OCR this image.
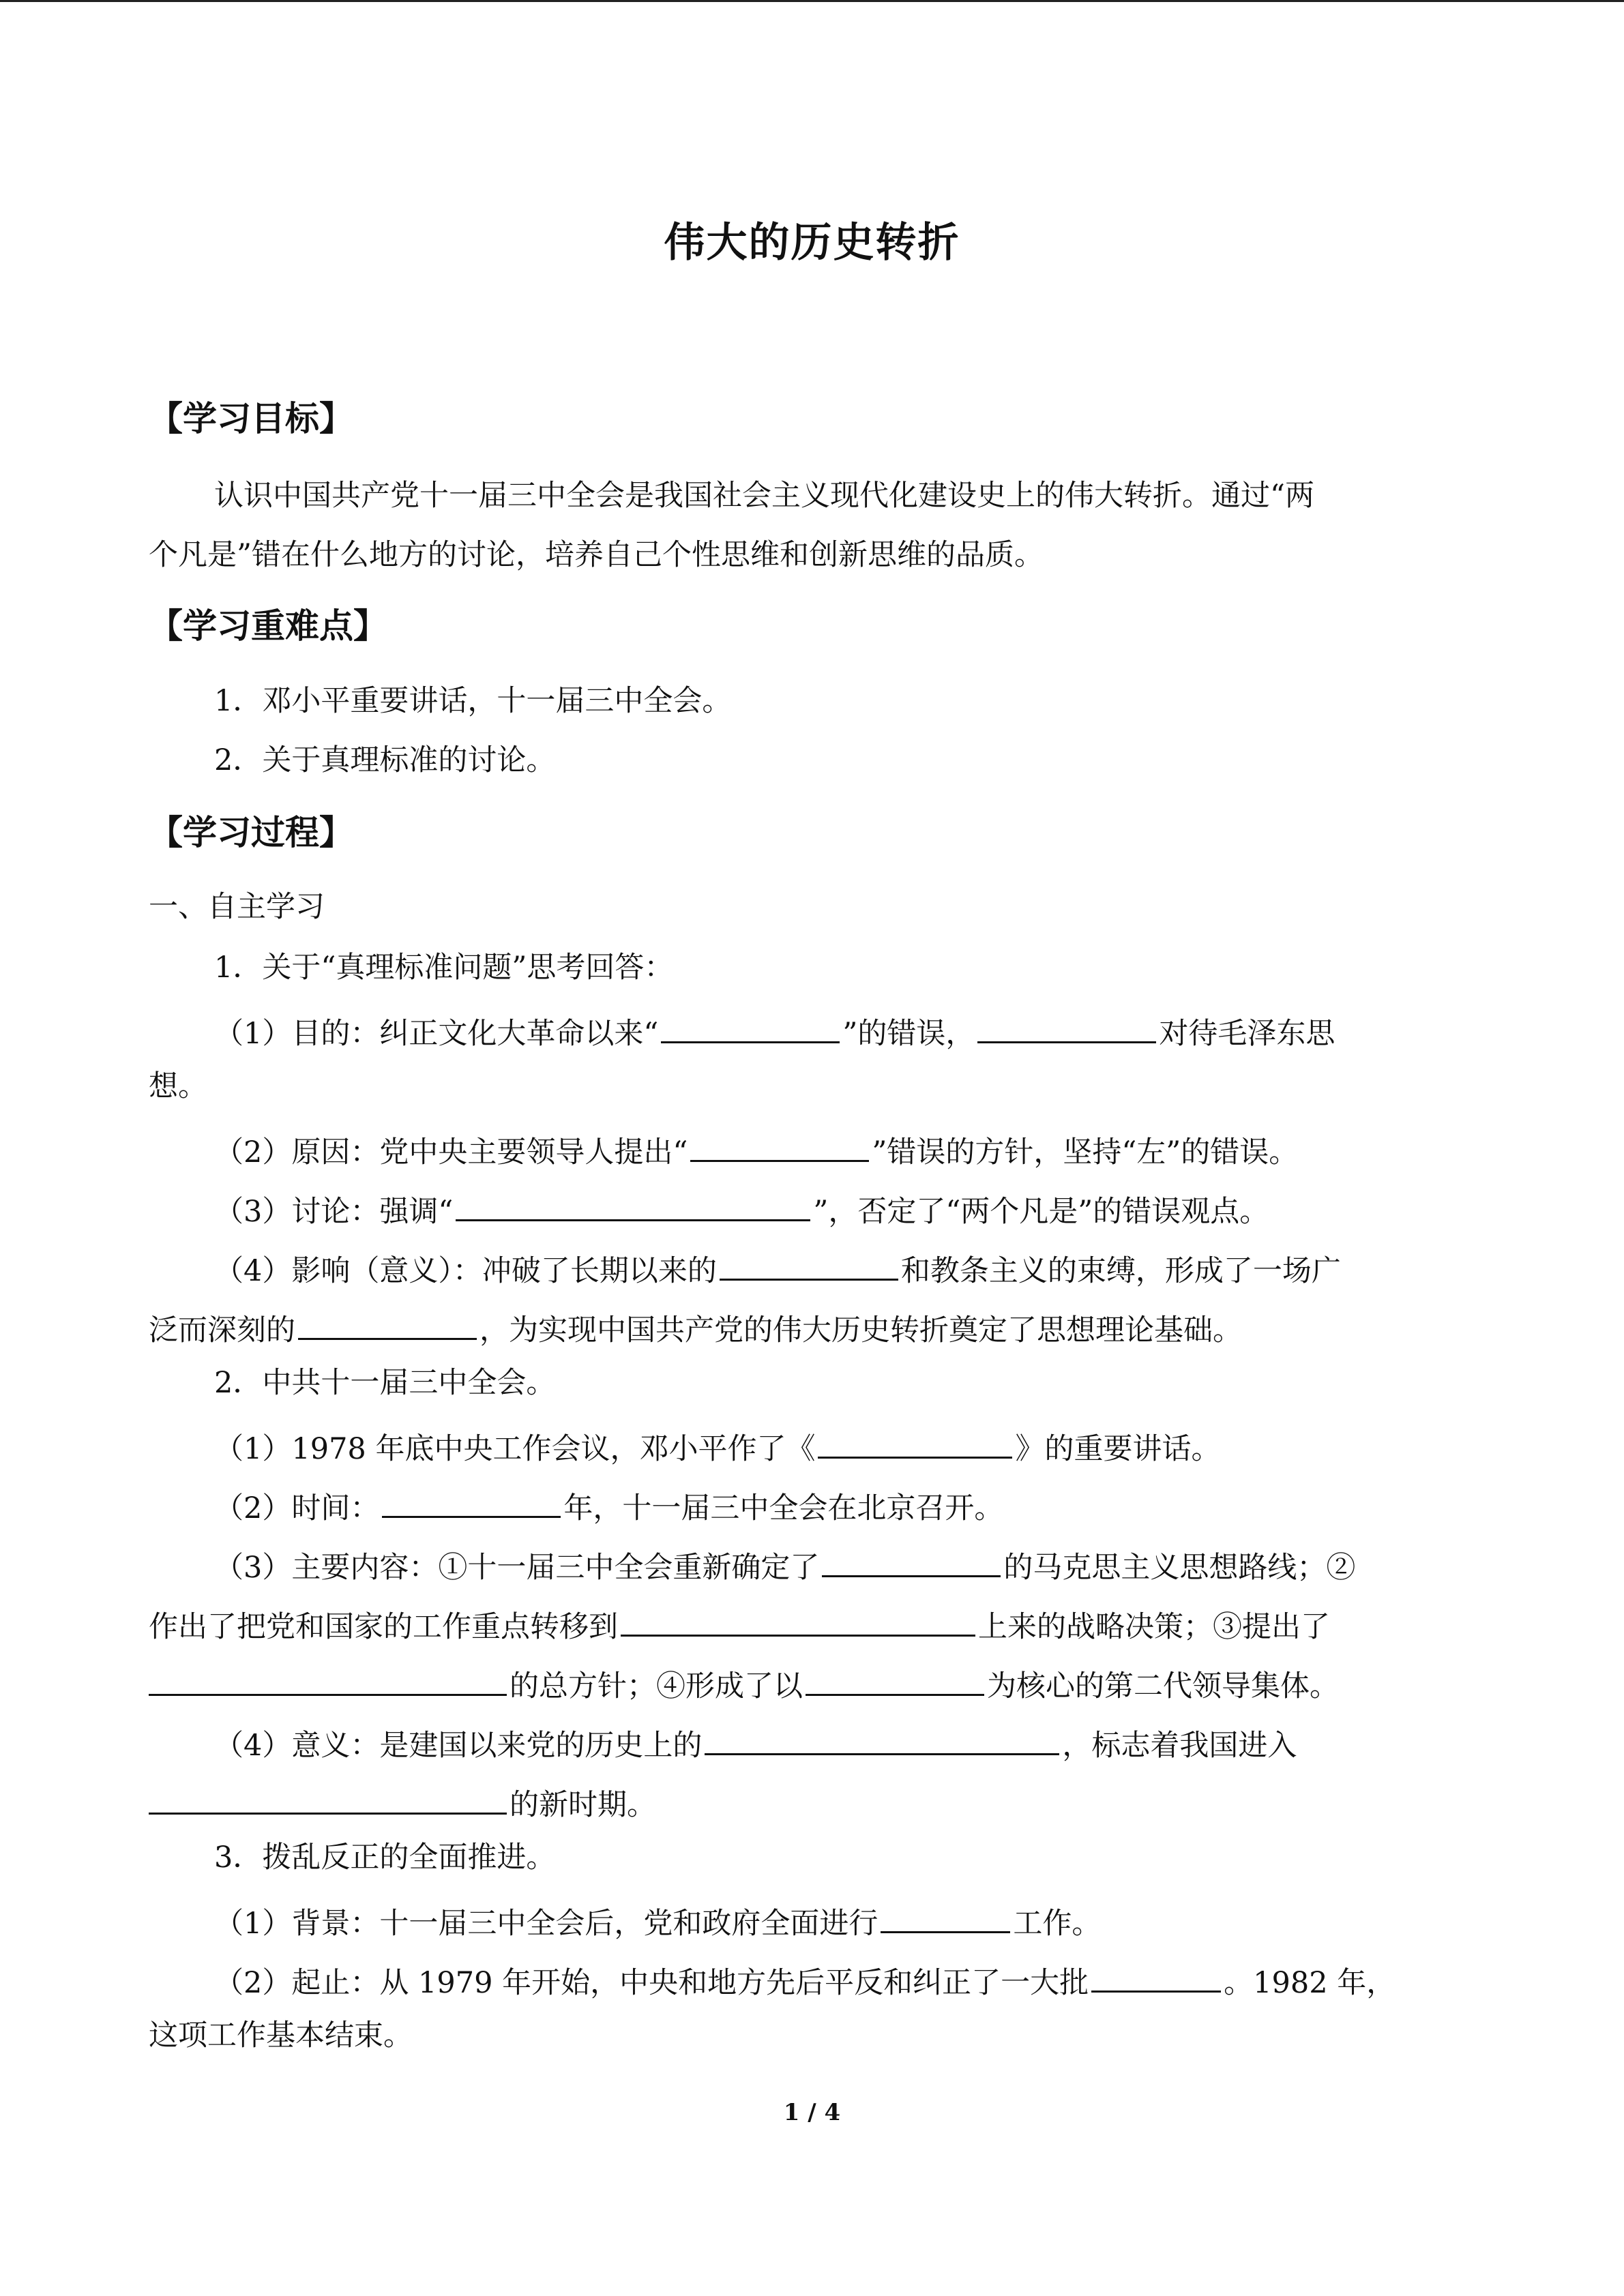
伟大的历史转折
【学习目标】
认识中国共产党十一届三中全会是我国社会主义现代化建设史上的伟大转折。通过“两
个凡是”错在什么地方的讨论，培养自己个性思维和创新思维的品质。
【学习重难点】
1．邓小平重要讲话，十一届三中全会。
2．关于真理标准的讨论。
【学习过程】
一、自主学习
1．关于“真理标准问题”思考回答：
（1）目的：纠正文化大革命以来“	”的错误，	对待毛泽东思
想。
（2）原因：党中央主要领导人提出“	”错误的方针，坚持“左”的错误。
（3）讨论：强调“	”，否定了“两个凡是”的错误观点。
（4）影响（意义）：冲破了长期以来的	和教条主义的束缚，形成了一场广
泛而深刻的	，为实现中国共产党的伟大历史转折奠定了思想理论基础。
2．中共十一届三中全会。
（1）1978 年底中央工作会议，邓小平作了《	》的重要讲话。
（2）时间：	年，十一届三中全会在北京召开。
（3）主要内容：①十一届三中全会重新确定了	的马克思主义思想路线；②
作出了把党和国家的工作重点转移到	上来的战略决策；③提出了
的总方针；④形成了以	为核心的第二代领导集体。
（4）意义：是建国以来党的历史上的	，标志着我国进入
的新时期。
3．拨乱反正的全面推进。
（1）背景：十一届三中全会后，党和政府全面进行	工作。
（2）起止：从 1979 年开始，中央和地方先后平反和纠正了一大批	。1982 年，
这项工作基本结束。
1 / 4
